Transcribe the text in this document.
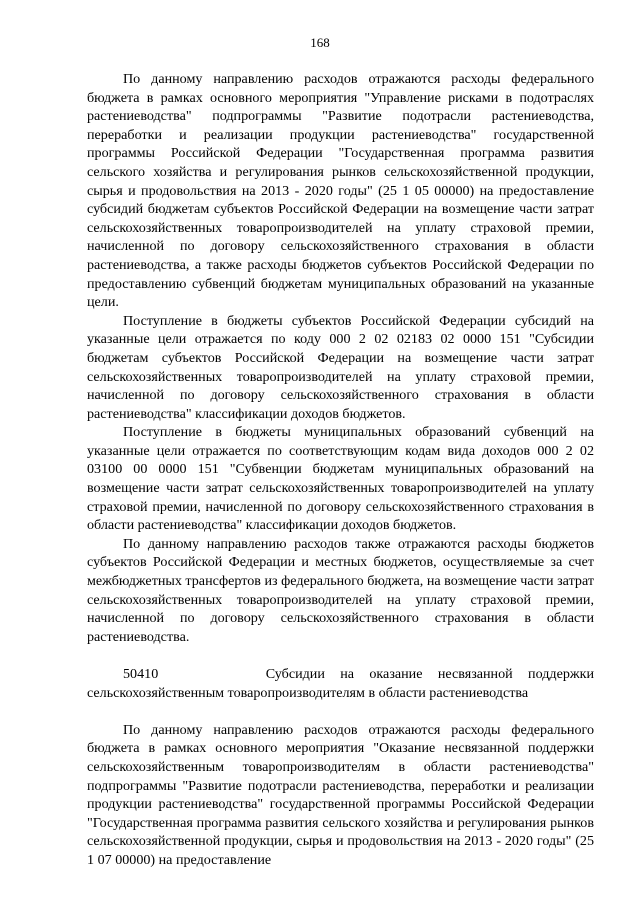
168

По данному направлению расходов отражаются расходы федерального бюджета в рамках основного мероприятия "Управление рисками в подотраслях растениеводства" подпрограммы "Развитие подотрасли растениеводства, переработки и реализации продукции растениеводства" государственной программы Российской Федерации "Государственная программа развития сельского хозяйства и регулирования рынков сельскохозяйственной продукции, сырья и продовольствия на 2013 - 2020 годы" (25 1 05 00000) на предоставление субсидий бюджетам субъектов Российской Федерации на возмещение части затрат сельскохозяйственных товаропроизводителей на уплату страховой премии, начисленной по договору сельскохозяйственного страхования в области растениеводства, а также расходы бюджетов субъектов Российской Федерации по предоставлению субвенций бюджетам муниципальных образований на указанные цели.

Поступление в бюджеты субъектов Российской Федерации субсидий на указанные цели отражается по коду 000 2 02 02183 02 0000 151 "Субсидии бюджетам субъектов Российской Федерации на возмещение части затрат сельскохозяйственных товаропроизводителей на уплату страховой премии, начисленной по договору сельскохозяйственного страхования в области растениеводства" классификации доходов бюджетов.

Поступление в бюджеты муниципальных образований субвенций на указанные цели отражается по соответствующим кодам вида доходов 000 2 02 03100 00 0000 151 "Субвенции бюджетам муниципальных образований на возмещение части затрат сельскохозяйственных товаропроизводителей на уплату страховой премии, начисленной по договору сельскохозяйственного страхования в области растениеводства" классификации доходов бюджетов.

По данному направлению расходов также отражаются расходы бюджетов субъектов Российской Федерации и местных бюджетов, осуществляемые за счет межбюджетных трансфертов из федерального бюджета, на возмещение части затрат сельскохозяйственных товаропроизводителей на уплату страховой премии, начисленной по договору сельскохозяйственного страхования в области растениеводства.

50410	Субсидии на оказание несвязанной поддержки сельскохозяйственным товаропроизводителям в области растениеводства

По данному направлению расходов отражаются расходы федерального бюджета в рамках основного мероприятия "Оказание несвязанной поддержки сельскохозяйственным товаропроизводителям в области растениеводства" подпрограммы "Развитие подотрасли растениеводства, переработки и реализации продукции растениеводства" государственной программы Российской Федерации "Государственная программа развития сельского хозяйства и регулирования рынков сельскохозяйственной продукции, сырья и продовольствия на 2013 - 2020 годы" (25 1 07 00000) на предоставление
